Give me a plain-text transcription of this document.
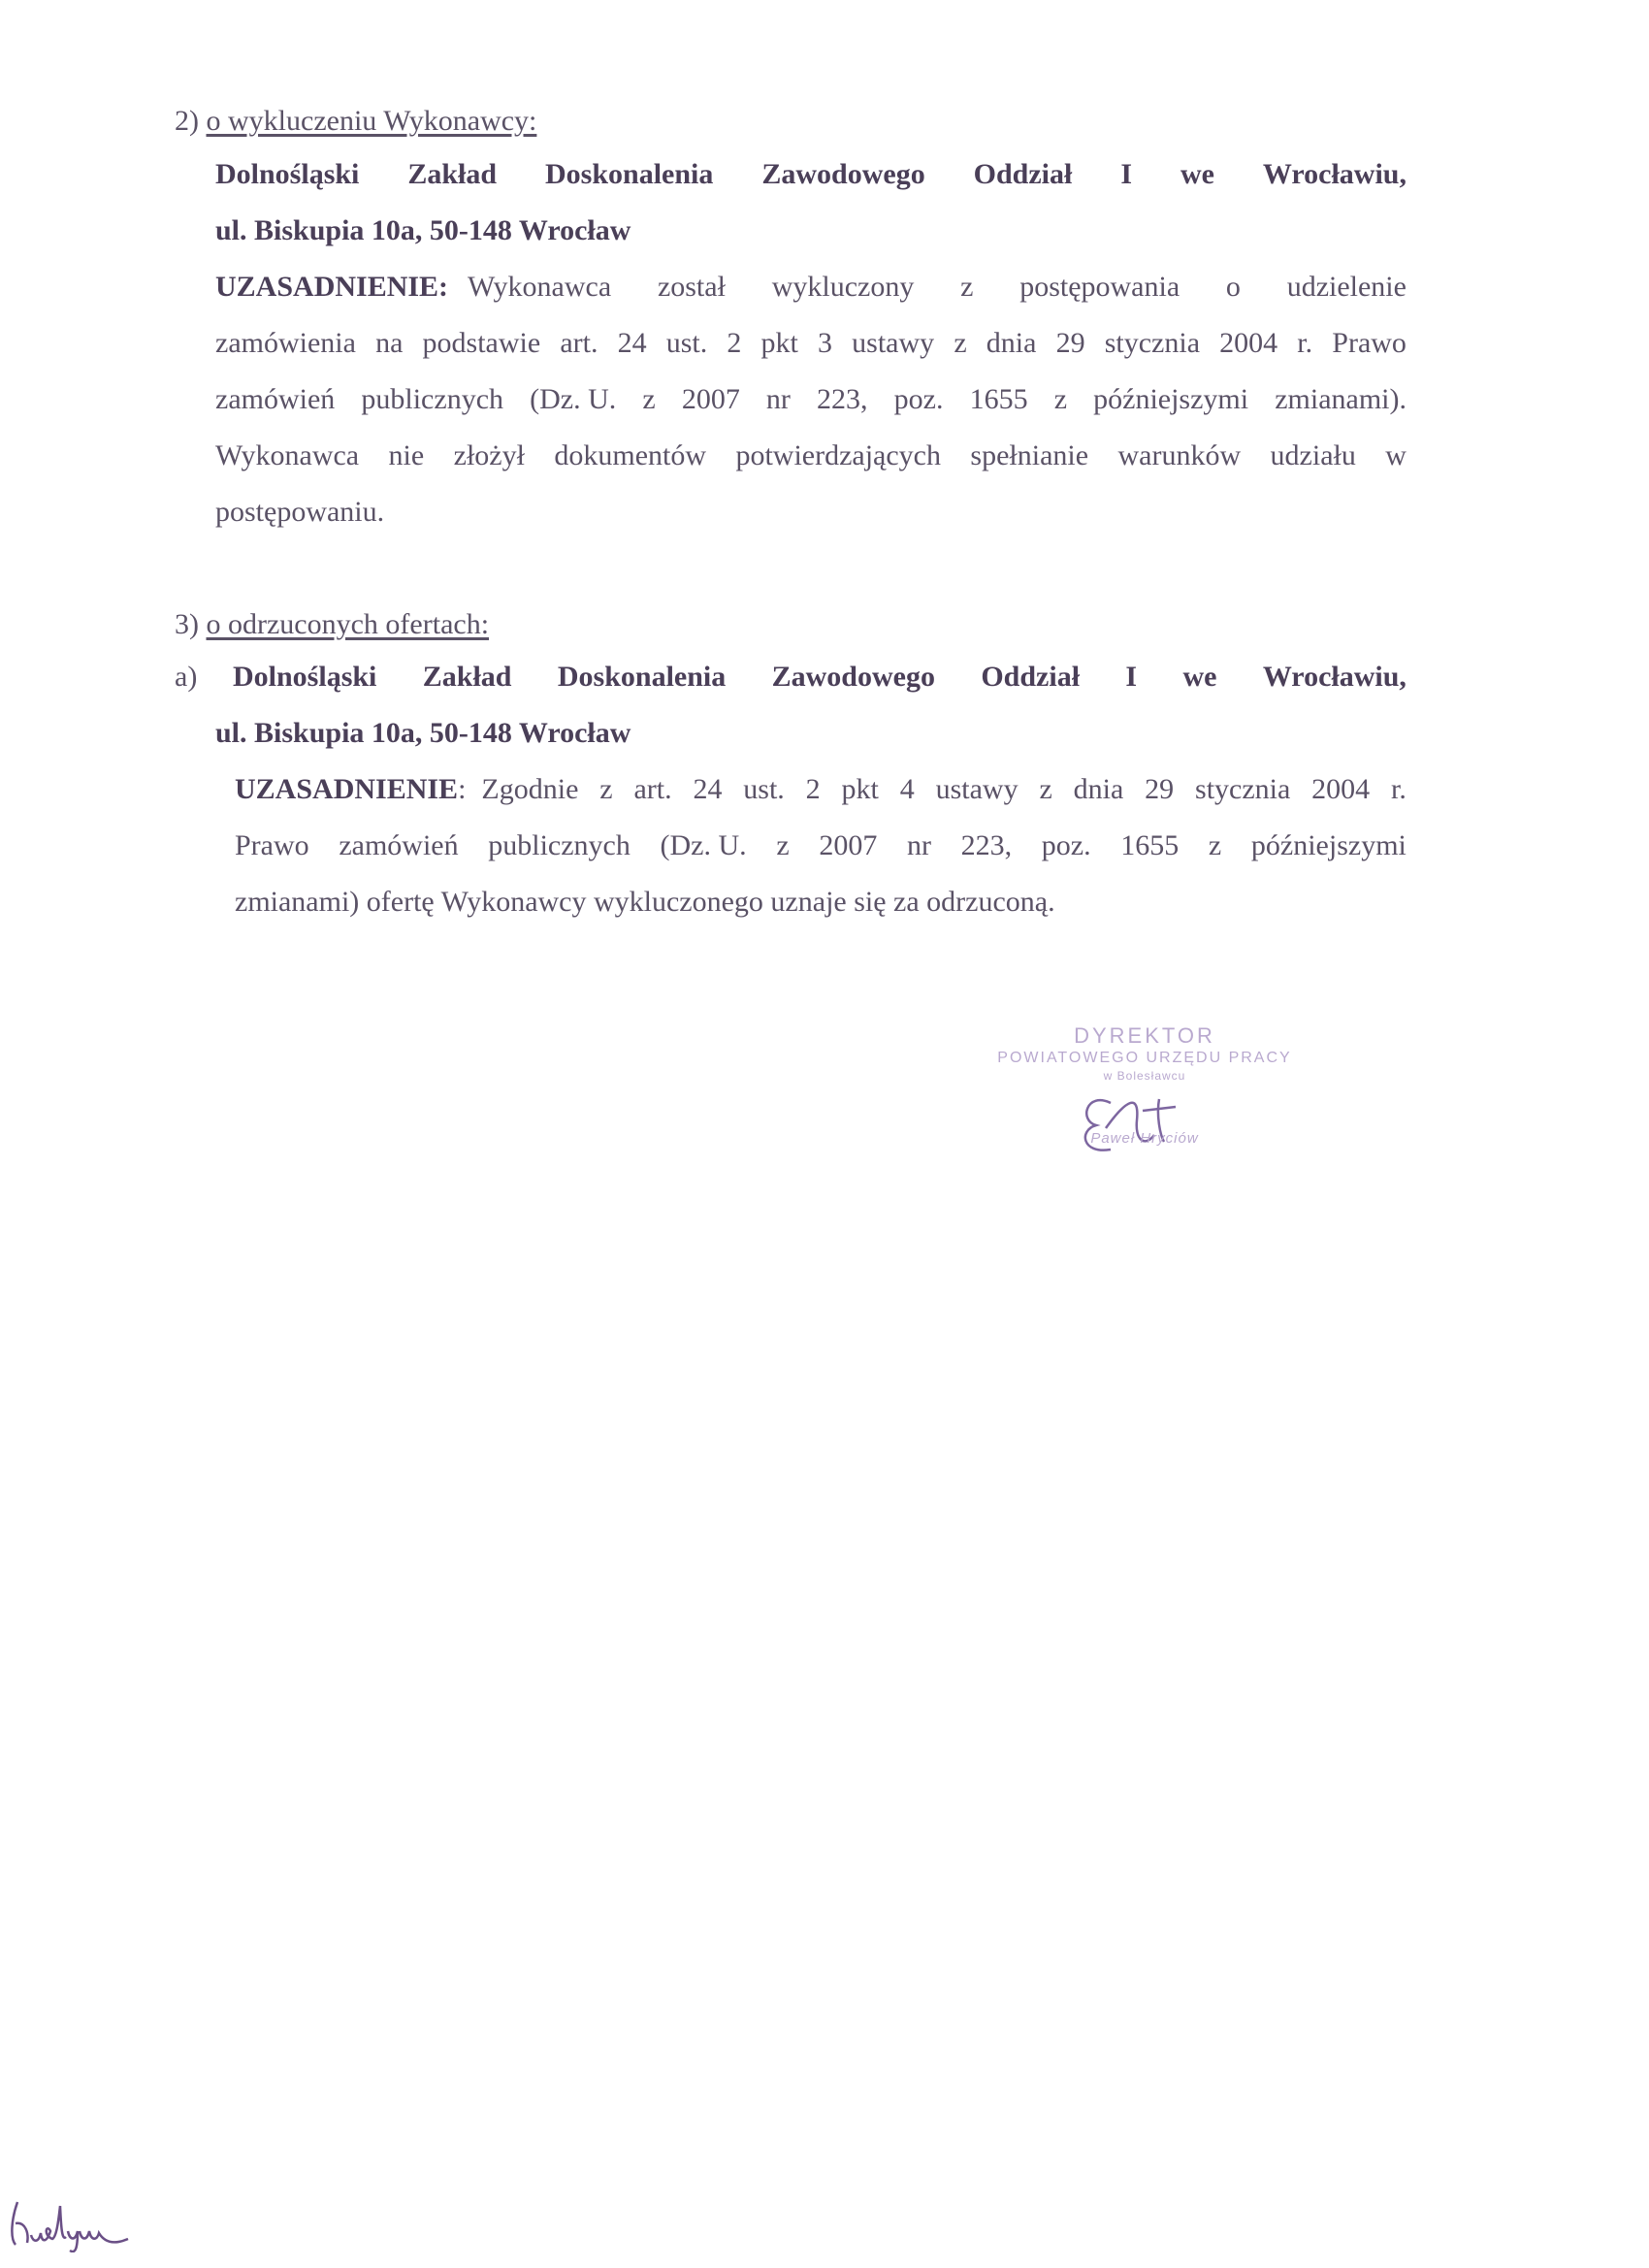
2) o wykluczeniu Wykonawcy:
Dolnośląski Zakład Doskonalenia Zawodowego Oddział I we Wrocławiu,
ul. Biskupia 10a, 50-148 Wrocław
UZASADNIENIE: Wykonawca został wykluczony z postępowania o udzielenie
zamówienia na podstawie art. 24 ust. 2 pkt 3 ustawy z dnia 29 stycznia 2004 r. Prawo
zamówień publicznych (Dz. U. z 2007 nr 223, poz. 1655 z późniejszymi zmianami).
Wykonawca nie złożył dokumentów potwierdzających spełnianie warunków udziału w
postępowaniu.
3) o odrzuconych ofertach:
a) Dolnośląski Zakład Doskonalenia Zawodowego Oddział I we Wrocławiu,
ul. Biskupia 10a, 50-148 Wrocław
UZASADNIENIE: Zgodnie z art. 24 ust. 2 pkt 4 ustawy z dnia 29 stycznia 2004 r.
Prawo zamówień publicznych (Dz. U. z 2007 nr 223, poz. 1655 z późniejszymi
zmianami) ofertę Wykonawcy wykluczonego uznaje się za odrzuconą.
DYREKTOR
POWIATOWEGO URZĘDU PRACY
w Bolesławcu
Paweł Hryciów
